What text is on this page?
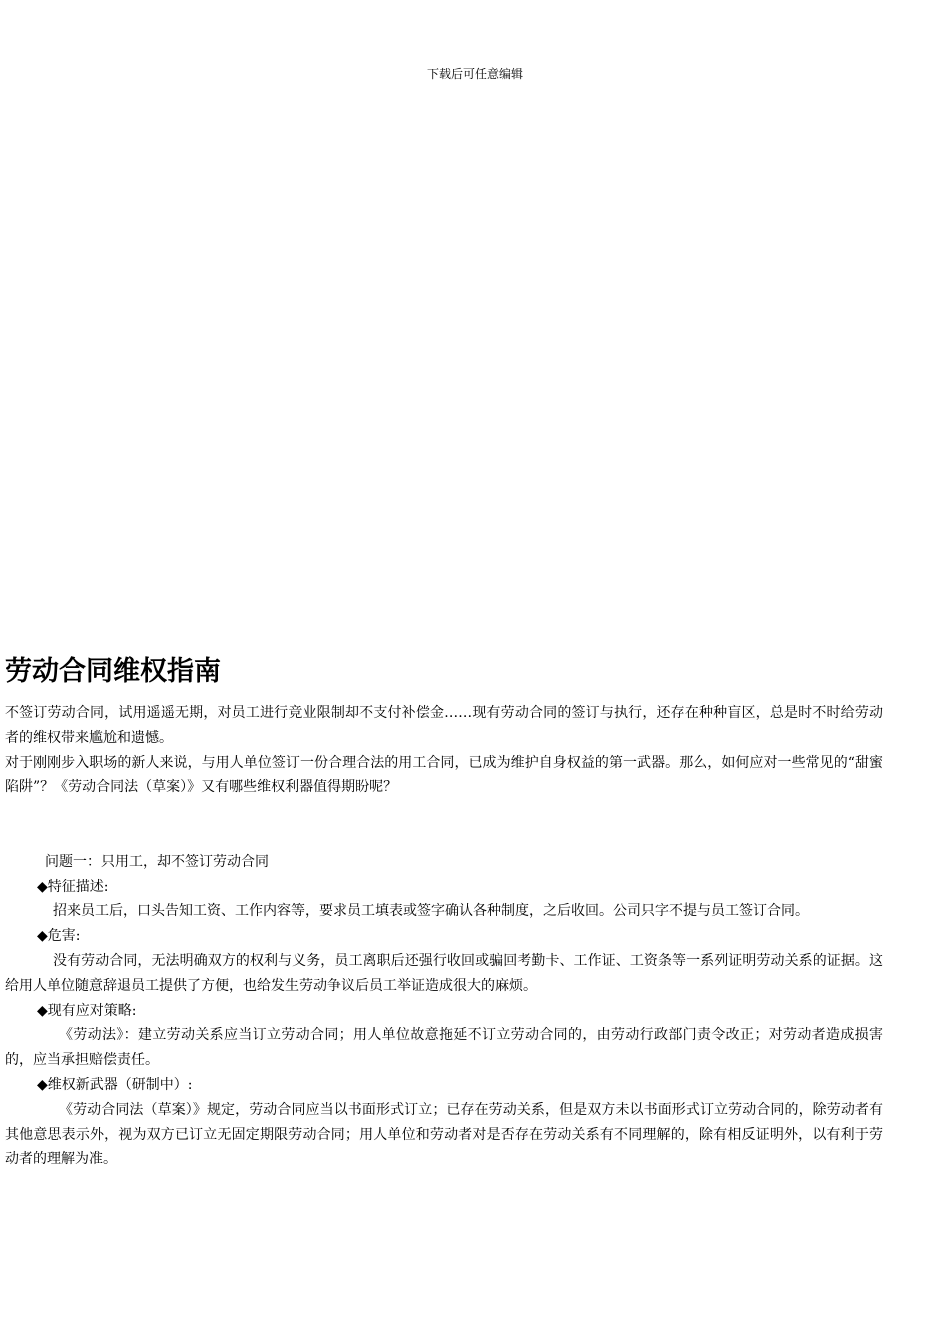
下载后可任意编辑
劳动合同维权指南

不签订劳动合同，试用遥遥无期，对员工进行竞业限制却不支付补偿金……现有劳动合同的签订与执行，还存在种种盲区，总是时不时给劳动者的维权带来尴尬和遗憾。

对于刚刚步入职场的新人来说，与用人单位签订一份合理合法的用工合同，已成为维护自身权益的第一武器。那么，如何应对一些常见的“甜蜜陷阱”？《劳动合同法（草案）》又有哪些维权利器值得期盼呢？

问题一：只用工，却不签订劳动合同

◆特征描述:

招来员工后，口头告知工资、工作内容等，要求员工填表或签字确认各种制度，之后收回。公司只字不提与员工签订合同。

◆危害:

没有劳动合同，无法明确双方的权利与义务，员工离职后还强行收回或骗回考勤卡、工作证、工资条等一系列证明劳动关系的证据。这给用人单位随意辞退员工提供了方便，也给发生劳动争议后员工举证造成很大的麻烦。

◆现有应对策略:

《劳动法》：建立劳动关系应当订立劳动合同；用人单位故意拖延不订立劳动合同的，由劳动行政部门责令改正；对劳动者造成损害的，应当承担赔偿责任。

◆维权新武器（研制中）:

《劳动合同法（草案）》规定，劳动合同应当以书面形式订立；已存在劳动关系，但是双方未以书面形式订立劳动合同的，除劳动者有其他意思表示外，视为双方已订立无固定期限劳动合同；用人单位和劳动者对是否存在劳动关系有不同理解的，除有相反证明外，以有利于劳动者的理解为准。
